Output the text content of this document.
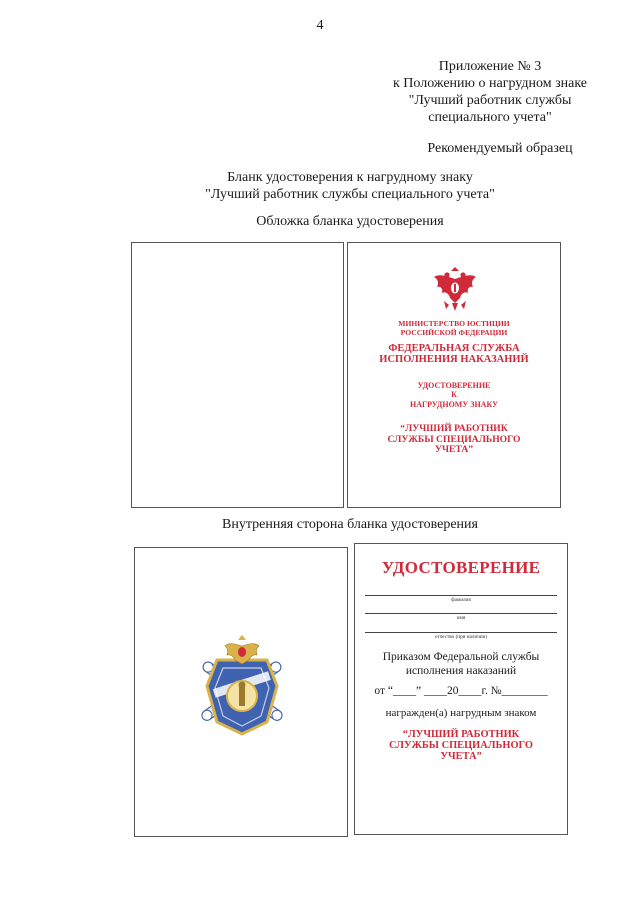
4
Приложение № 3
к Положению о нагрудном знаке
"Лучший работник службы
специального учета"
Рекомендуемый образец
Бланк удостоверения к нагрудному знаку
"Лучший работник службы специального учета"
Обложка бланка удостоверения
МИНИСТЕРСТВО ЮСТИЦИИ
РОССИЙСКОЙ ФЕДЕРАЦИИ
ФЕДЕРАЛЬНАЯ СЛУЖБА
ИСПОЛНЕНИЯ НАКАЗАНИЙ
УДОСТОВЕРЕНИЕ
К
НАГРУДНОМУ ЗНАКУ
“ЛУЧШИЙ РАБОТНИК
СЛУЖБЫ СПЕЦИАЛЬНОГО
УЧЕТА”
Внутренняя сторона бланка удостоверения
УДОСТОВЕРЕНИЕ
фамилия
имя
отчество (при наличии)
Приказом Федеральной службы
исполнения наказаний
от “____” ____20____г. №________
награжден(а) нагрудным знаком
“ЛУЧШИЙ РАБОТНИК
СЛУЖБЫ СПЕЦИАЛЬНОГО
УЧЕТА”
